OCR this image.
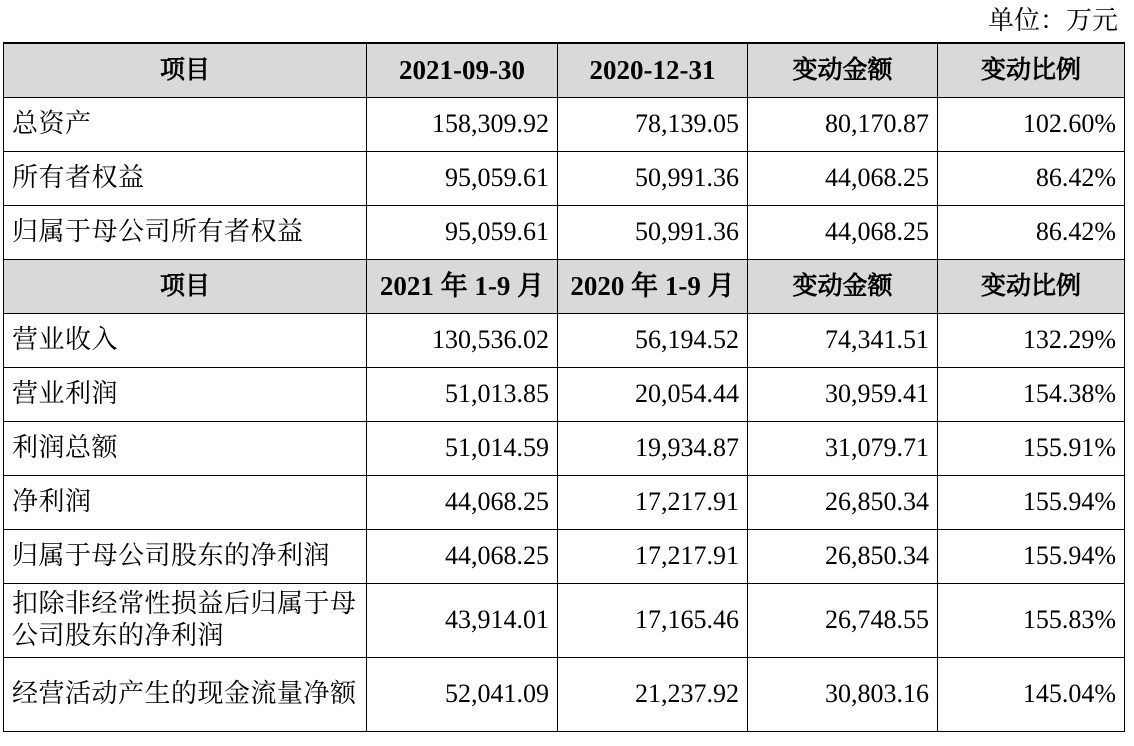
单位：万元
项目	2021-09-30	2020-12-31	变动金额	变动比例
总资产	158,309.92	78,139.05	80,170.87	102.60%
所有者权益	95,059.61	50,991.36	44,068.25	86.42%
归属于母公司所有者权益	95,059.61	50,991.36	44,068.25	86.42%
项目	2021 年 1-9 月	2020 年 1-9 月	变动金额	变动比例
营业收入	130,536.02	56,194.52	74,341.51	132.29%
营业利润	51,013.85	20,054.44	30,959.41	154.38%
利润总额	51,014.59	19,934.87	31,079.71	155.91%
净利润	44,068.25	17,217.91	26,850.34	155.94%
归属于母公司股东的净利润	44,068.25	17,217.91	26,850.34	155.94%
扣除非经常性损益后归属于母公司股东的净利润	43,914.01	17,165.46	26,748.55	155.83%
经营活动产生的现金流量净额	52,041.09	21,237.92	30,803.16	145.04%
